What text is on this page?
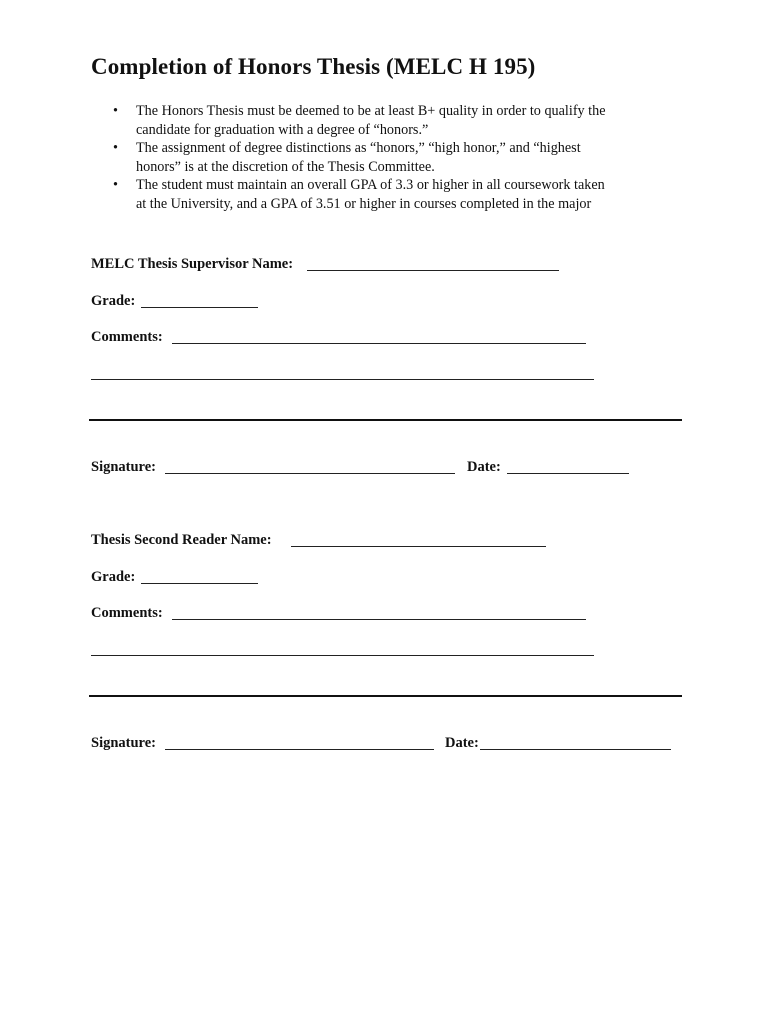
Completion of Honors Thesis (MELC H 195)
• The Honors Thesis must be deemed to be at least B+ quality in order to qualify the
candidate for graduation with a degree of “honors.”
• The assignment of degree distinctions as “honors,” “high honor,” and “highest
honors” is at the discretion of the Thesis Committee.
• The student must maintain an overall GPA of 3.3 or higher in all coursework taken
at the University, and a GPA of 3.51 or higher in courses completed in the major
MELC Thesis Supervisor Name:
Grade:
Comments:
Signature:	Date:
Thesis Second Reader Name:
Grade:
Comments:
Signature:	Date:
